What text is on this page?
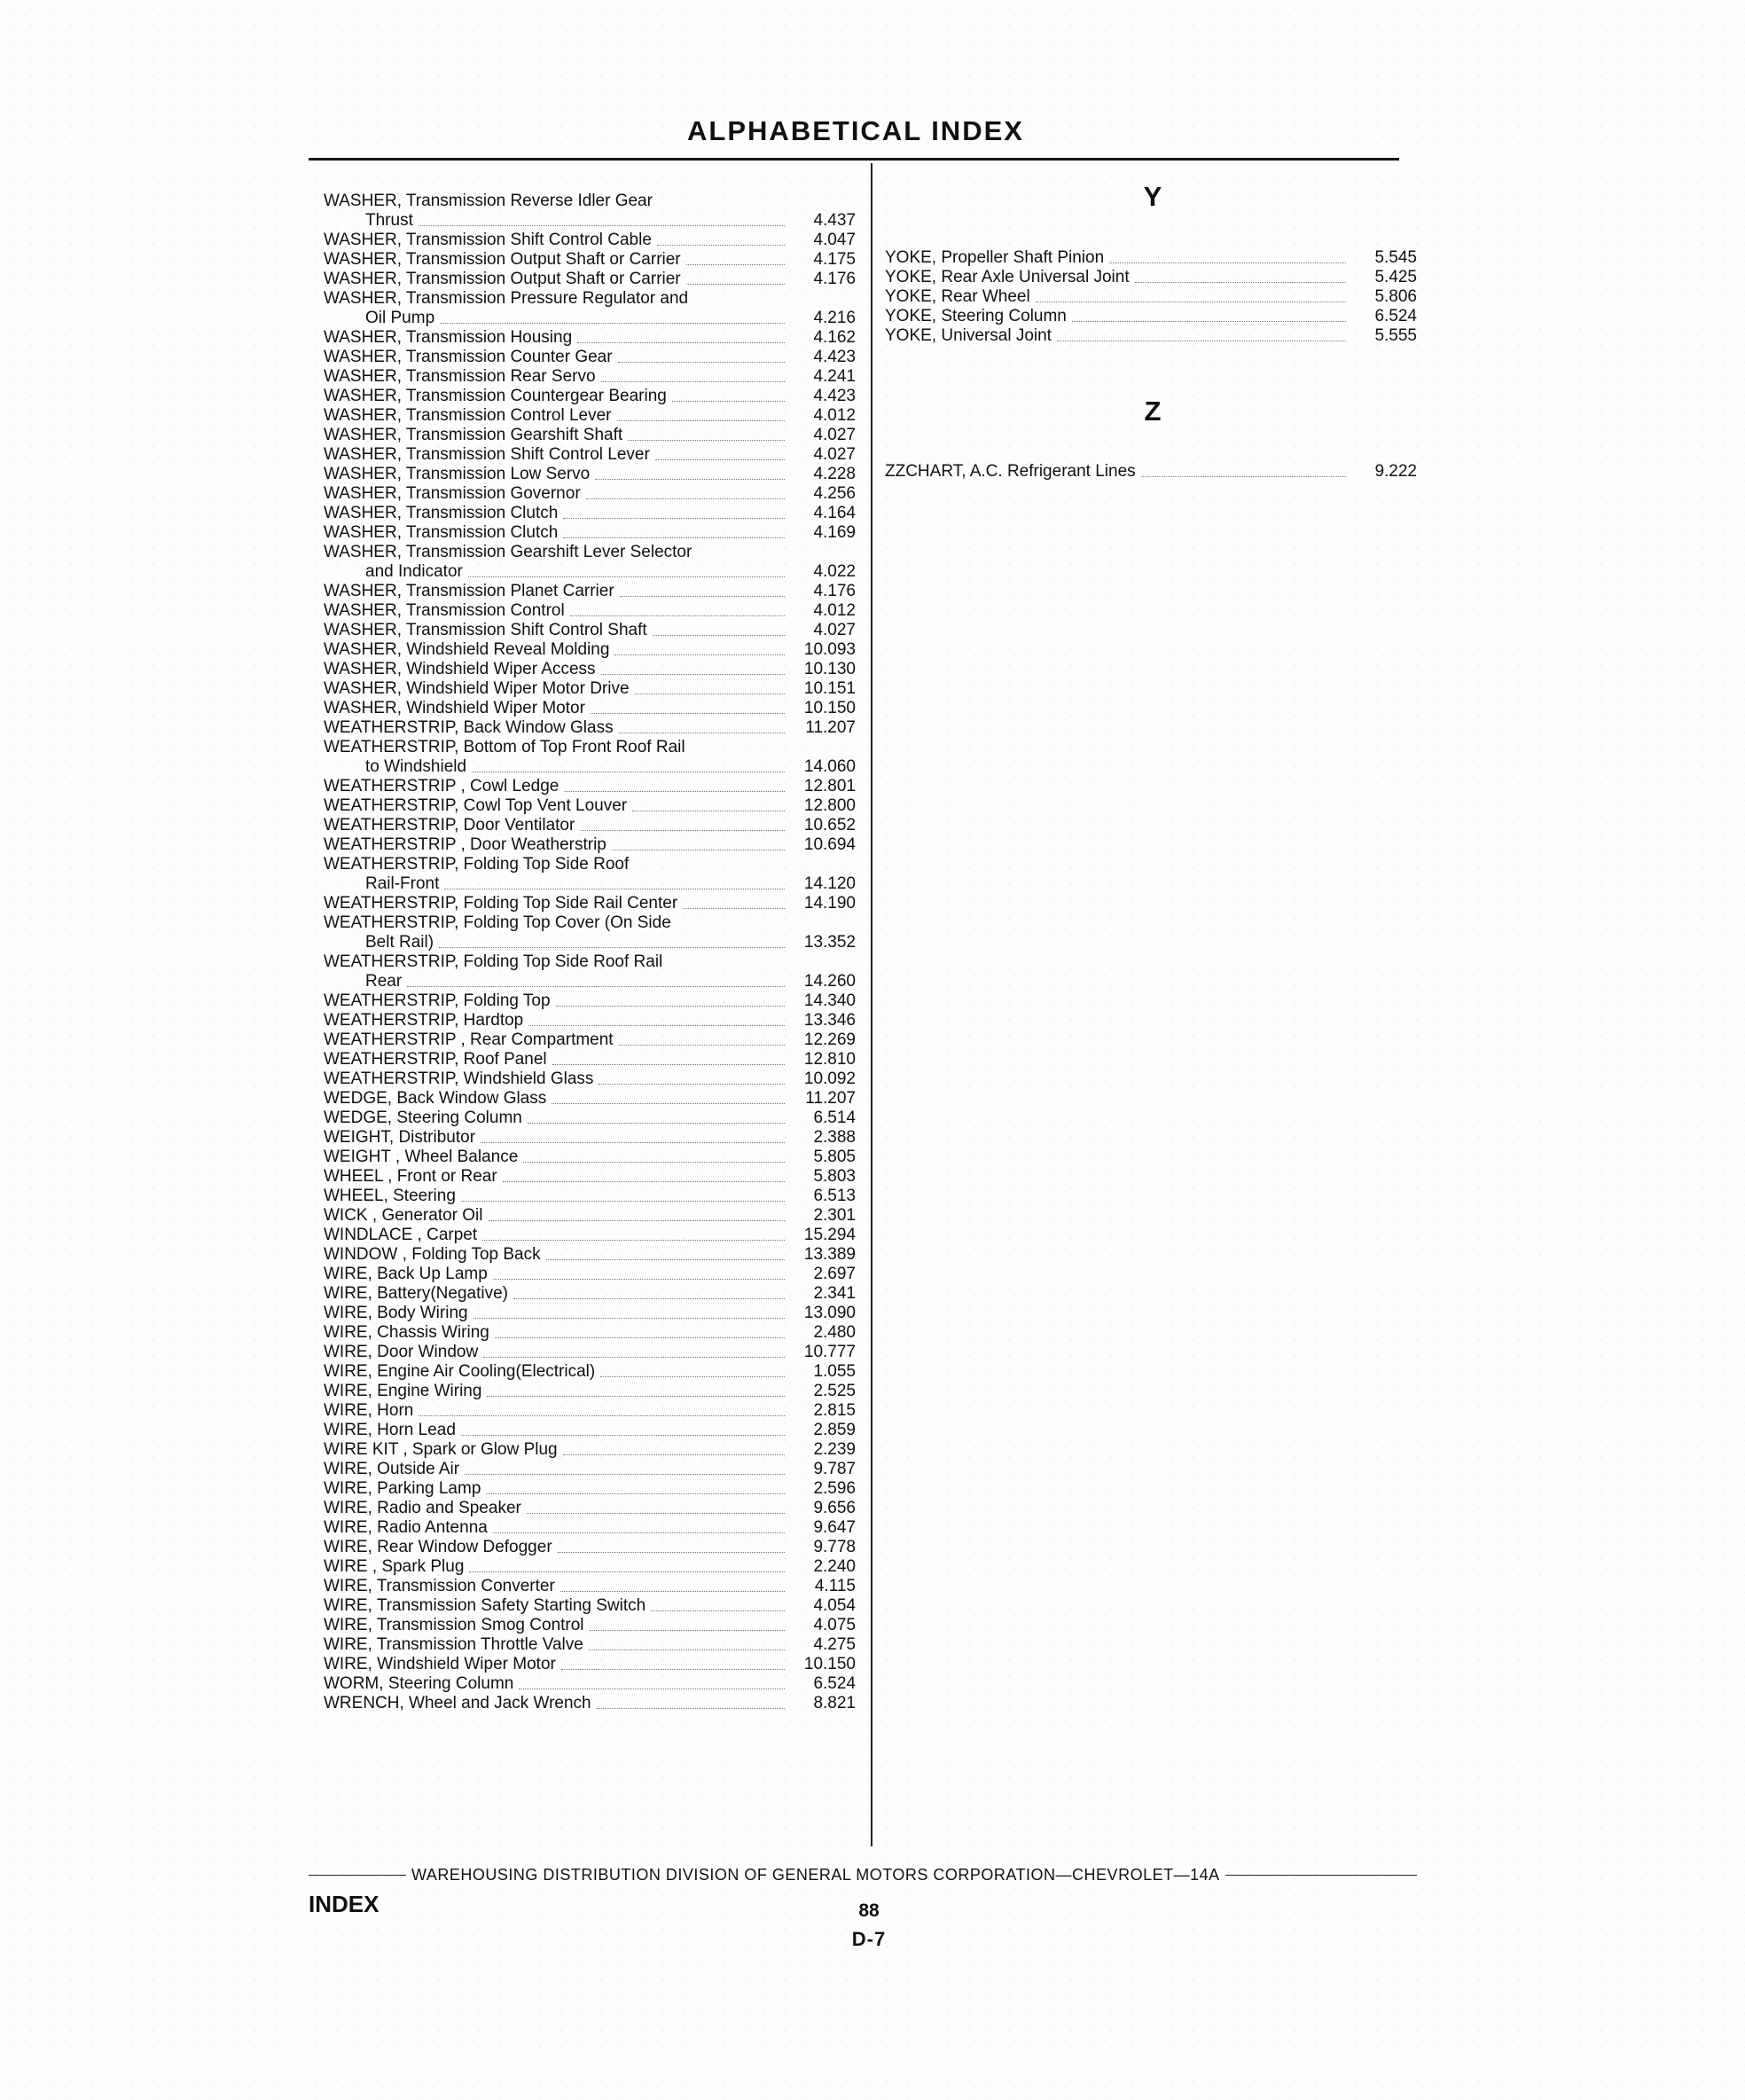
ALPHABETICAL INDEX
WASHER, Transmission Reverse Idler Gear
Thrust	4.437
WASHER, Transmission Shift Control Cable	4.047
WASHER, Transmission Output Shaft or Carrier	4.175
WASHER, Transmission Output Shaft or Carrier	4.176
WASHER, Transmission Pressure Regulator and
Oil Pump	4.216
WASHER, Transmission Housing	4.162
WASHER, Transmission Counter Gear	4.423
WASHER, Transmission Rear Servo	4.241
WASHER, Transmission Countergear Bearing	4.423
WASHER, Transmission Control Lever	4.012
WASHER, Transmission Gearshift Shaft	4.027
WASHER, Transmission Shift Control Lever	4.027
WASHER, Transmission Low Servo	4.228
WASHER, Transmission Governor	4.256
WASHER, Transmission Clutch	4.164
WASHER, Transmission Clutch	4.169
WASHER, Transmission Gearshift Lever Selector
and Indicator	4.022
WASHER, Transmission Planet Carrier	4.176
WASHER, Transmission Control	4.012
WASHER, Transmission Shift Control Shaft	4.027
WASHER, Windshield Reveal Molding	10.093
WASHER, Windshield Wiper Access	10.130
WASHER, Windshield Wiper Motor Drive	10.151
WASHER, Windshield Wiper Motor	10.150
WEATHERSTRIP, Back Window Glass	11.207
WEATHERSTRIP, Bottom of Top Front Roof Rail
to Windshield	14.060
WEATHERSTRIP , Cowl Ledge	12.801
WEATHERSTRIP, Cowl Top Vent Louver	12.800
WEATHERSTRIP, Door Ventilator	10.652
WEATHERSTRIP , Door Weatherstrip	10.694
WEATHERSTRIP, Folding Top Side Roof
Rail-Front	14.120
WEATHERSTRIP, Folding Top Side Rail Center	14.190
WEATHERSTRIP, Folding Top Cover (On Side
Belt Rail)	13.352
WEATHERSTRIP, Folding Top Side Roof Rail
Rear	14.260
WEATHERSTRIP, Folding Top	14.340
WEATHERSTRIP, Hardtop	13.346
WEATHERSTRIP , Rear Compartment	12.269
WEATHERSTRIP, Roof Panel	12.810
WEATHERSTRIP, Windshield Glass	10.092
WEDGE, Back Window Glass	11.207
WEDGE, Steering Column	6.514
WEIGHT, Distributor	2.388
WEIGHT , Wheel Balance	5.805
WHEEL , Front or Rear	5.803
WHEEL, Steering	6.513
WICK , Generator Oil	2.301
WINDLACE , Carpet	15.294
WINDOW , Folding Top Back	13.389
WIRE, Back Up Lamp	2.697
WIRE, Battery(Negative)	2.341
WIRE, Body Wiring	13.090
WIRE, Chassis Wiring	2.480
WIRE, Door Window	10.777
WIRE, Engine Air Cooling(Electrical)	1.055
WIRE, Engine Wiring	2.525
WIRE, Horn	2.815
WIRE, Horn Lead	2.859
WIRE KIT , Spark or Glow Plug	2.239
WIRE, Outside Air	9.787
WIRE, Parking Lamp	2.596
WIRE, Radio and Speaker	9.656
WIRE, Radio Antenna	9.647
WIRE, Rear Window Defogger	9.778
WIRE , Spark Plug	2.240
WIRE, Transmission Converter	4.115
WIRE, Transmission Safety Starting Switch	4.054
WIRE, Transmission Smog Control	4.075
WIRE, Transmission Throttle Valve	4.275
WIRE, Windshield Wiper Motor	10.150
WORM, Steering Column	6.524
WRENCH, Wheel and Jack Wrench	8.821
Y
YOKE, Propeller Shaft Pinion	5.545
YOKE, Rear Axle Universal Joint	5.425
YOKE, Rear Wheel	5.806
YOKE, Steering Column	6.524
YOKE, Universal Joint	5.555
Z
ZZCHART, A.C. Refrigerant Lines	9.222
WAREHOUSING DISTRIBUTION DIVISION OF GENERAL MOTORS CORPORATION—CHEVROLET—14A
INDEX	88
D-7
